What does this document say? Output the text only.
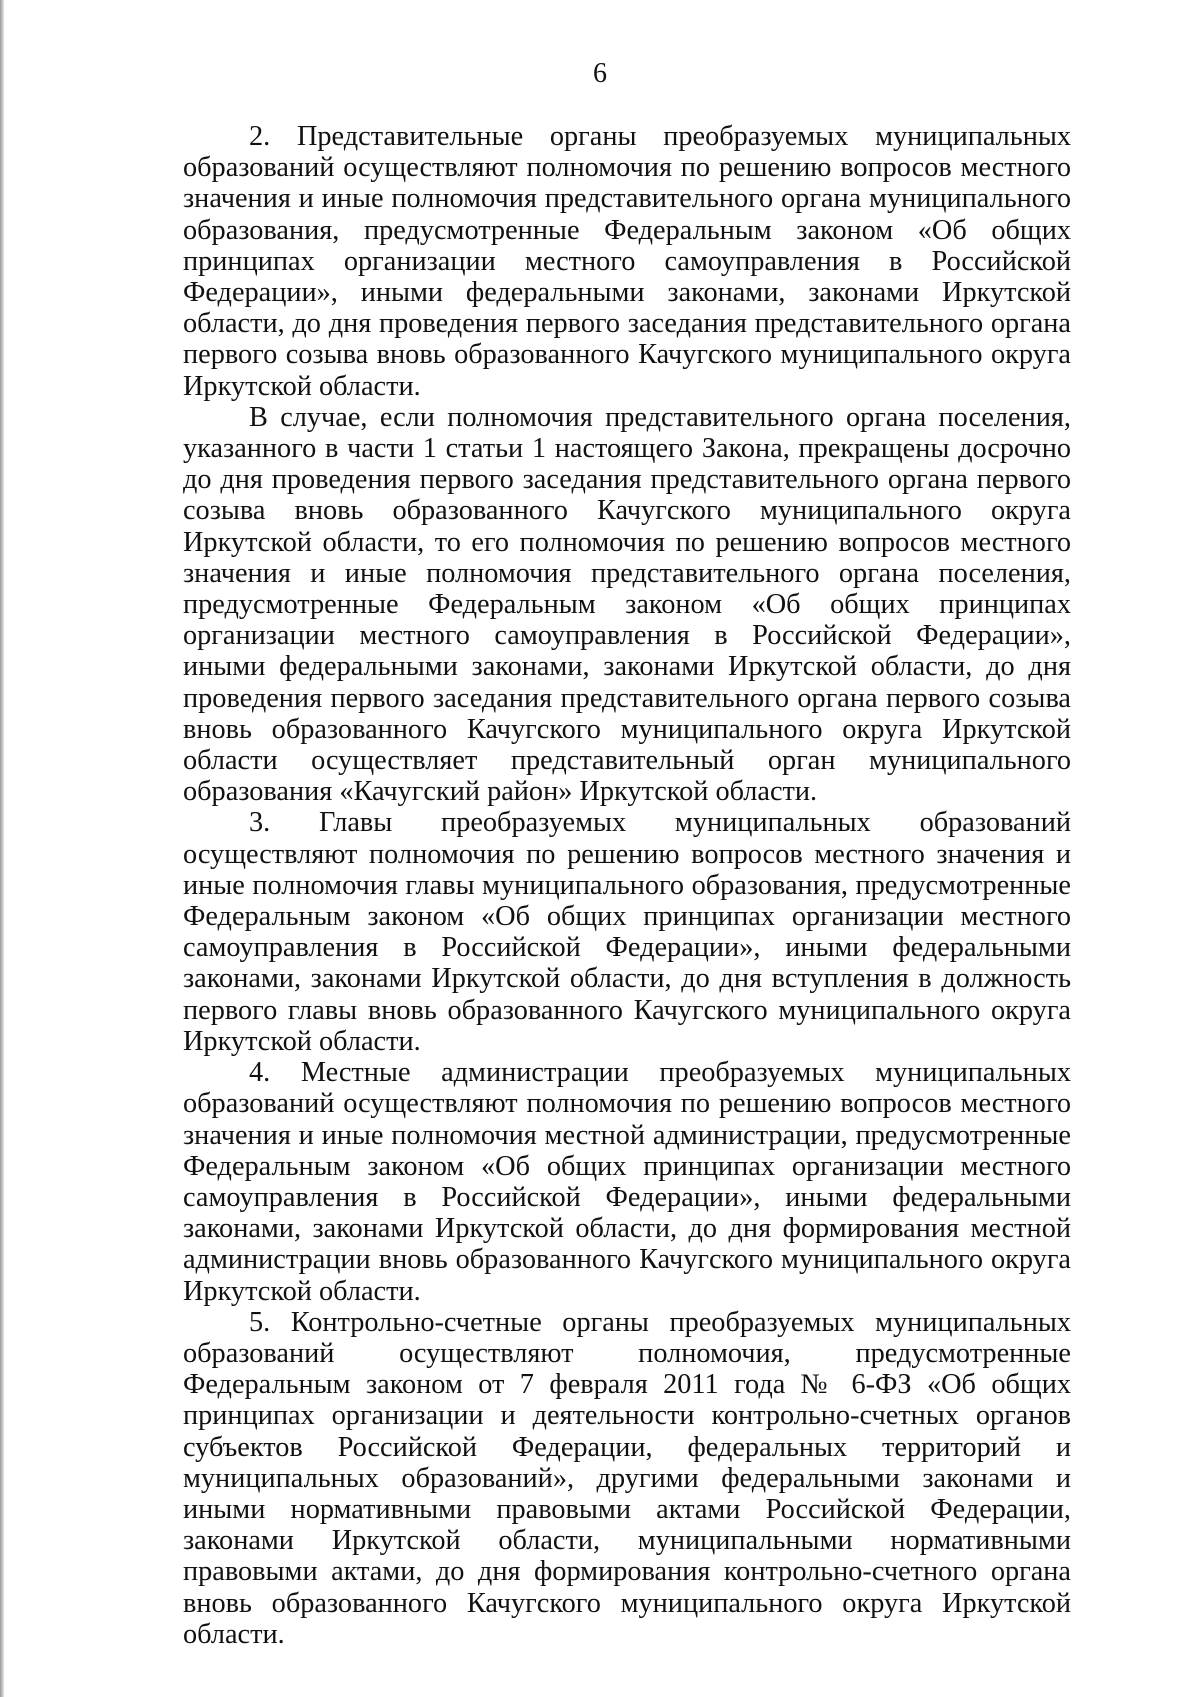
6

2. Представительные органы преобразуемых муниципальных образований осуществляют полномочия по решению вопросов местного значения и иные полномочия представительного органа муниципального образования, предусмотренные Федеральным законом «Об общих принципах организации местного самоуправления в Российской Федерации», иными федеральными законами, законами Иркутской области, до дня проведения первого заседания представительного органа первого созыва вновь образованного Качугского муниципального округа Иркутской области.

В случае, если полномочия представительного органа поселения, указанного в части 1 статьи 1 настоящего Закона, прекращены досрочно до дня проведения первого заседания представительного органа первого созыва вновь образованного Качугского муниципального округа Иркутской области, то его полномочия по решению вопросов местного значения и иные полномочия представительного органа поселения, предусмотренные Федеральным законом «Об общих принципах организации местного самоуправления в Российской Федерации», иными федеральными законами, законами Иркутской области, до дня проведения первого заседания представительного органа первого созыва вновь образованного Качугского муниципального округа Иркутской области осуществляет представительный орган муниципального образования «Качугский район» Иркутской области.

3. Главы преобразуемых муниципальных образований осуществляют полномочия по решению вопросов местного значения и иные полномочия главы муниципального образования, предусмотренные Федеральным законом «Об общих принципах организации местного самоуправления в Российской Федерации», иными федеральными законами, законами Иркутской области, до дня вступления в должность первого главы вновь образованного Качугского муниципального округа Иркутской области.

4. Местные администрации преобразуемых муниципальных образований осуществляют полномочия по решению вопросов местного значения и иные полномочия местной администрации, предусмотренные Федеральным законом «Об общих принципах организации местного самоуправления в Российской Федерации», иными федеральными законами, законами Иркутской области, до дня формирования местной администрации вновь образованного Качугского муниципального округа Иркутской области.

5. Контрольно-счетные органы преобразуемых муниципальных образований осуществляют полномочия, предусмотренные Федеральным законом от 7 февраля 2011 года № 6-ФЗ «Об общих принципах организации и деятельности контрольно-счетных органов субъектов Российской Федерации, федеральных территорий и муниципальных образований», другими федеральными законами и иными нормативными правовыми актами Российской Федерации, законами Иркутской области, муниципальными нормативными правовыми актами, до дня формирования контрольно-счетного органа вновь образованного Качугского муниципального округа Иркутской области.
